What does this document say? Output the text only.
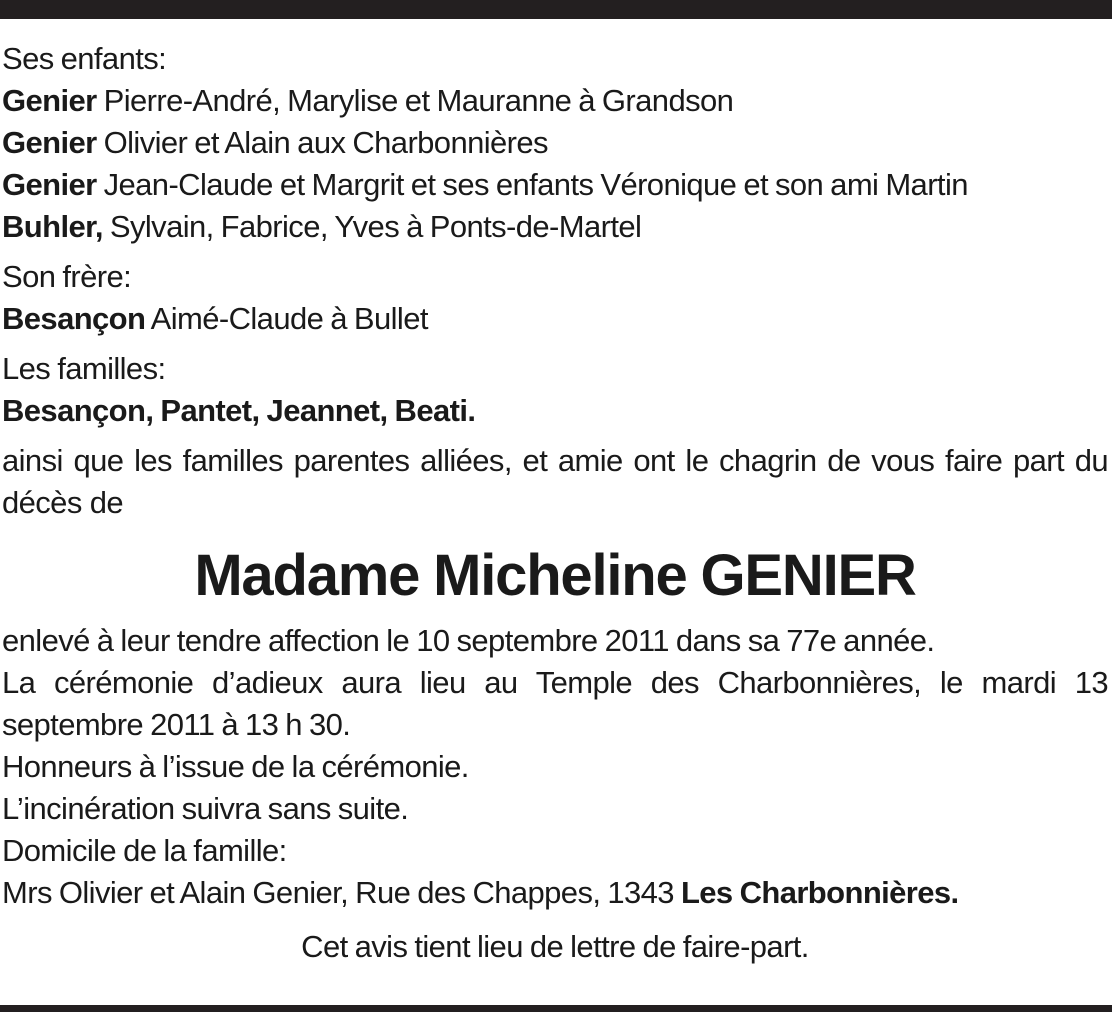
Ses enfants:
Genier Pierre-André, Marylise et Mauranne à Grandson
Genier Olivier et Alain aux Charbonnières
Genier Jean-Claude et Margrit et ses enfants Véronique et son ami Martin
Buhler, Sylvain, Fabrice, Yves à Ponts-de-Martel
Son frère:
Besançon Aimé-Claude à Bullet
Les familles:
Besançon, Pantet, Jeannet, Beati.
ainsi que les familles parentes alliées, et amie ont le chagrin de vous faire part du décès de
Madame Micheline GENIER
enlevé à leur tendre affection le 10 septembre 2011 dans sa 77e année.
La cérémonie d’adieux aura lieu au Temple des Charbonnières, le mardi 13 septembre 2011 à 13 h 30.
Honneurs à l’issue de la cérémonie.
L’incinération suivra sans suite.
Domicile de la famille:
Mrs Olivier et Alain Genier, Rue des Chappes, 1343 Les Charbonnières.
Cet avis tient lieu de lettre de faire-part.
